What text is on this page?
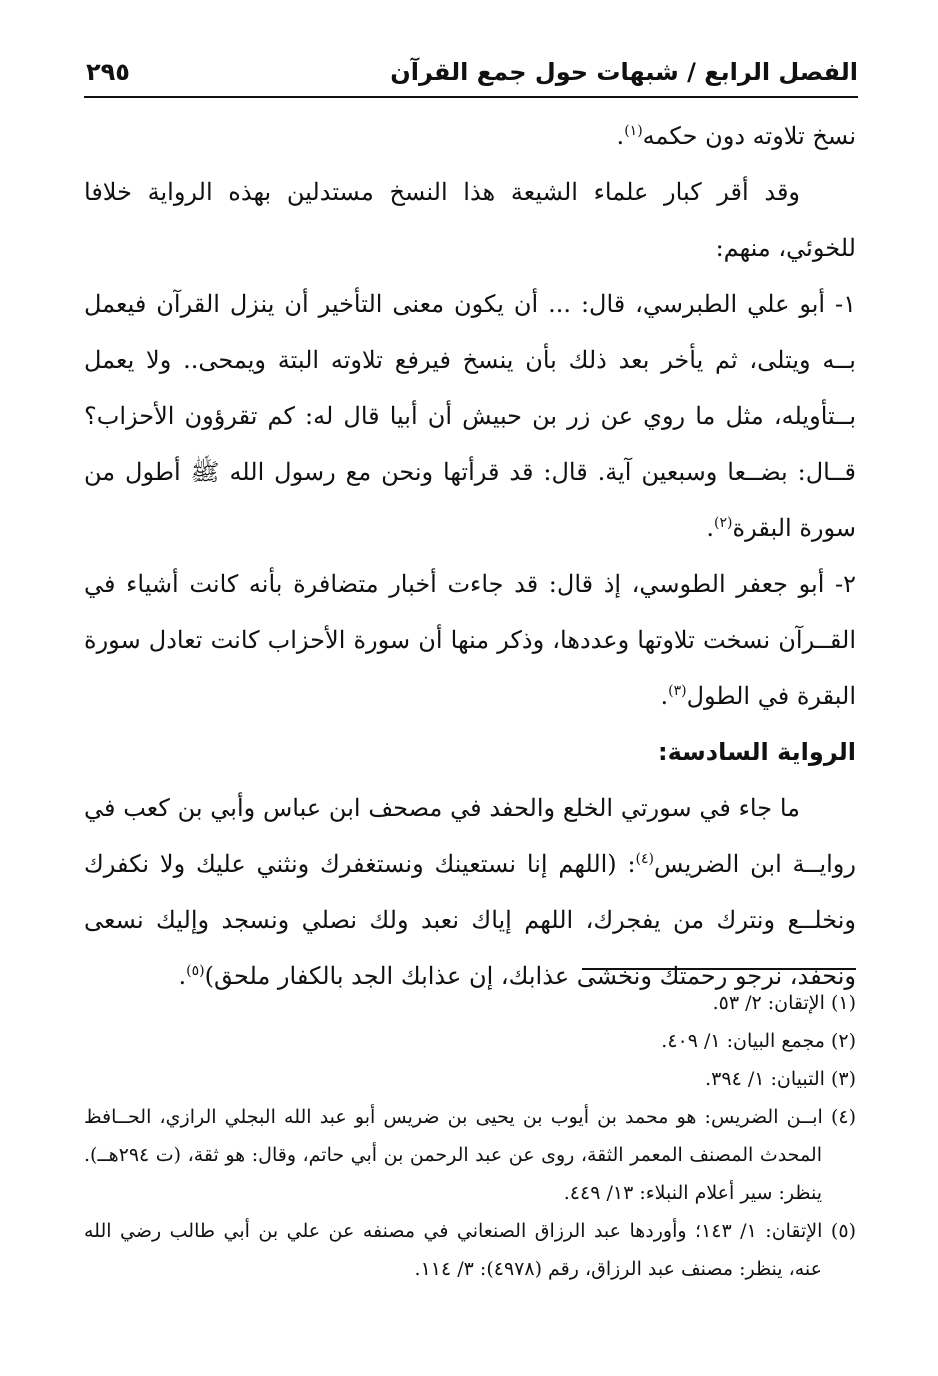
الفصل الرابع / شبهات حول جمع القرآن
٢٩٥

نسخ تلاوته دون حكمه$^{(١)}$.

وقد أقر كبار علماء الشيعة هذا النسخ مستدلين بهذه الرواية خلافا للخوئي، منهم:

١- أبو علي الطبرسي، قال: ... أن يكون معنى التأخير أن ينزل القرآن فيعمل بــه ويتلى، ثم يأخر بعد ذلك بأن ينسخ فيرفع تلاوته البتة ويمحى.. ولا يعمل بــتأويله، مثل ما روي عن زر بن حبيش أن أبيا قال له: كم تقرؤون الأحزاب؟ قــال: بضــعا وسبعين آية. قال: قد قرأتها ونحن مع رسول الله ﷺ أطول من سورة البقرة$^{(٢)}$.

٢- أبو جعفر الطوسي، إذ قال: قد جاءت أخبار متضافرة بأنه كانت أشياء في القــرآن نسخت تلاوتها وعددها، وذكر منها أن سورة الأحزاب كانت تعادل سورة البقرة في الطول$^{(٣)}$.

الرواية السادسة:

ما جاء في سورتي الخلع والحفد في مصحف ابن عباس وأبي بن كعب في روايــة ابن الضريس$^{(٤)}$: (اللهم إنا نستعينك ونستغفرك ونثني عليك ولا نكفرك ونخلــع ونترك من يفجرك، اللهم إياك نعبد ولك نصلي ونسجد وإليك نسعى ونحفد، نرجو رحمتك ونخشى عذابك، إن عذابك الجد بالكفار ملحق)$^{(٥)}$.

(١) الإتقان: ٢/ ٥٣.

(٢) مجمع البيان: ١/ ٤٠٩.

(٣) التبيان: ١/ ٣٩٤.

(٤) ابــن الضريس: هو محمد بن أيوب بن يحيى بن ضريس أبو عبد الله البجلي الرازي، الحــافظ المحدث المصنف المعمر الثقة، روى عن عبد الرحمن بن أبي حاتم، وقال: هو ثقة، (ت ٢٩٤هــ). ينظر: سير أعلام النبلاء: ١٣/ ٤٤٩.

(٥) الإتقان: ١/ ١٤٣؛ وأوردها عبد الرزاق الصنعاني في مصنفه عن علي بن أبي طالب رضي الله عنه، ينظر: مصنف عبد الرزاق، رقم (٤٩٧٨): ٣/ ١١٤.
